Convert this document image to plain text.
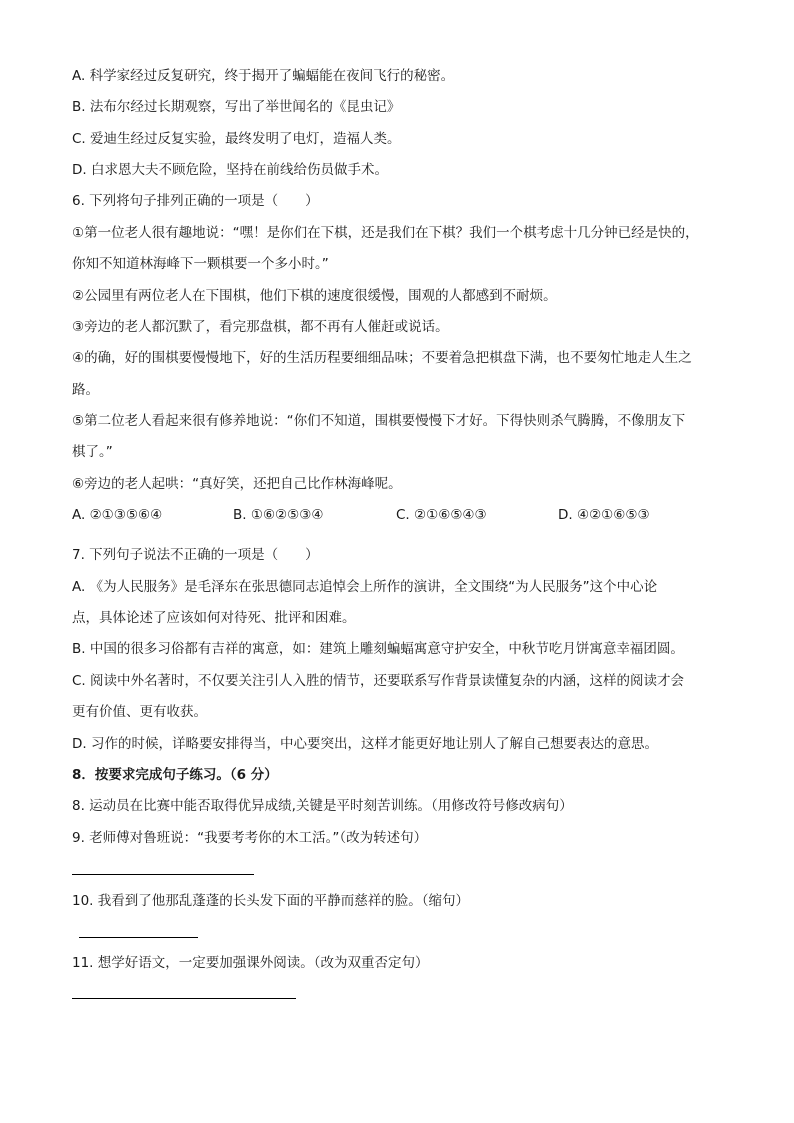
A. 科学家经过反复研究，终于揭开了蝙蝠能在夜间飞行的秘密。
B. 法布尔经过长期观察，写出了举世闻名的《昆虫记》
C. 爱迪生经过反复实验，最终发明了电灯，造福人类。
D. 白求恩大夫不顾危险，坚持在前线给伤员做手术。
6. 下列将句子排列正确的一项是（　　）
①第一位老人很有趣地说：“嘿！是你们在下棋，还是我们在下棋？我们一个棋考虑十几分钟已经是快的，
你知不知道林海峰下一颗棋要一个多小时。”
②公园里有两位老人在下围棋，他们下棋的速度很缓慢，围观的人都感到不耐烦。
③旁边的老人都沉默了，看完那盘棋，都不再有人催赶或说话。
④的确，好的围棋要慢慢地下，好的生活历程要细细品味；不要着急把棋盘下满，也不要匆忙地走人生之
路。
⑤第二位老人看起来很有修养地说：“你们不知道，围棋要慢慢下才好。下得快则杀气腾腾，不像朋友下
棋了。”
⑥旁边的老人起哄：“真好笑，还把自己比作林海峰呢。
A. ②①③⑤⑥④	B. ①⑥②⑤③④	C. ②①⑥⑤④③	D. ④②①⑥⑤③
7. 下列句子说法不正确的一项是（　　）
A. 《为人民服务》是毛泽东在张思德同志追悼会上所作的演讲，全文围绕“为人民服务”这个中心论
点，具体论述了应该如何对待死、批评和困难。
B. 中国的很多习俗都有吉祥的寓意，如：建筑上雕刻蝙蝠寓意守护安全，中秋节吃月饼寓意幸福团圆。
C. 阅读中外名著时，不仅要关注引人入胜的情节，还要联系写作背景读懂复杂的内涵，这样的阅读才会
更有价值、更有收获。
D. 习作的时候，详略要安排得当，中心要突出，这样才能更好地让别人了解自己想要表达的意思。
8．按要求完成句子练习。（6 分）
8. 运动员在比赛中能否取得优异成绩,关键是平时刻苦训练。（用修改符号修改病句）
9. 老师傅对鲁班说：“我要考考你的木工活。”（改为转述句）
10. 我看到了他那乱蓬蓬的长头发下面的平静而慈祥的脸。（缩句）
11. 想学好语文，一定要加强课外阅读。（改为双重否定句）
